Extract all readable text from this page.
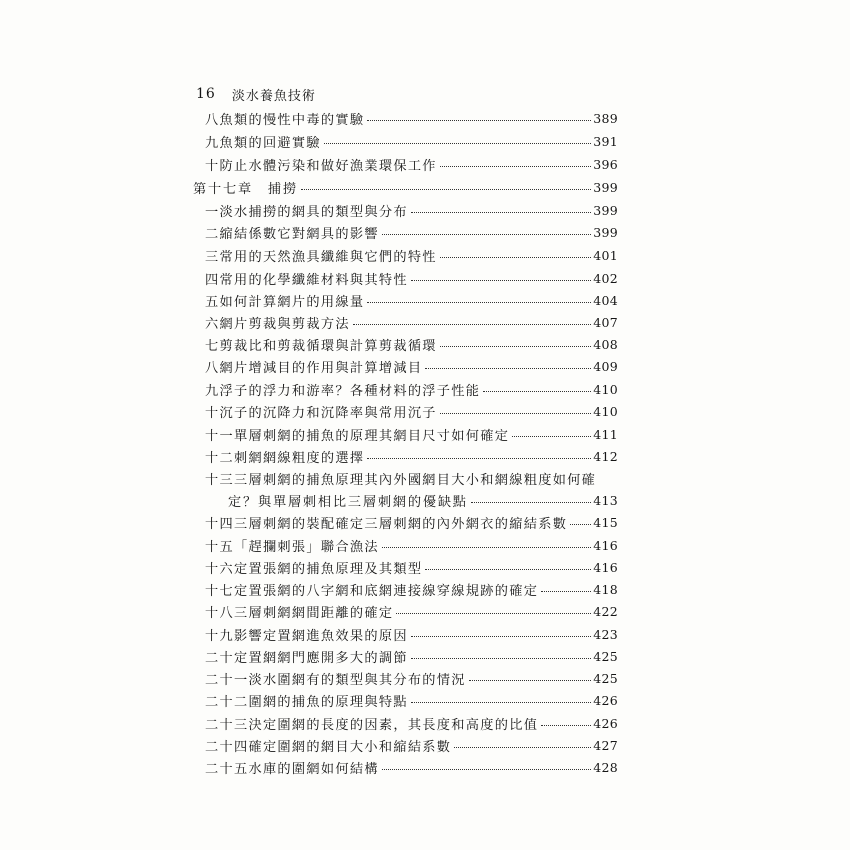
16 淡水養魚技術
八魚類的慢性中毒的實驗	389
九魚類的回避實驗	391
十防止水體污染和做好漁業環保工作	396
第十七章　捕撈	399
一淡水捕撈的網具的類型與分布	399
二縮結係數它對網具的影響	399
三常用的天然漁具纖維與它們的特性	401
四常用的化學纖維材料與其特性	402
五如何計算網片的用線量	404
六網片剪裁與剪裁方法	407
七剪裁比和剪裁循環與計算剪裁循環	408
八網片增減目的作用與計算增減目	409
九浮子的浮力和游率？各種材料的浮子性能	410
十沉子的沉降力和沉降率與常用沉子	410
十一單層刺網的捕魚的原理其網目尺寸如何確定	411
十二刺網網線粗度的選擇	412
十三三層刺網的捕魚原理其內外國網目大小和網線粗度如何確
定？與單層刺相比三層刺網的優缺點	413
十四三層刺網的裝配確定三層刺網的內外網衣的縮結系數 415
十五「趕攔刺張」聯合漁法	416
十六定置張網的捕魚原理及其類型	416
十七定置張網的八字網和底網連接線穿線規跡的確定	418
十八三層刺網網間距離的確定	422
十九影響定置網進魚效果的原因	423
二十定置網網門應開多大的調節	425
二十一淡水圍網有的類型與其分布的情況	425
二十二圍網的捕魚的原理與特點	426
二十三決定圍網的長度的因素，其長度和高度的比值	426
二十四確定圍網的網目大小和縮結系數	427
二十五水庫的圍網如何結構	428
